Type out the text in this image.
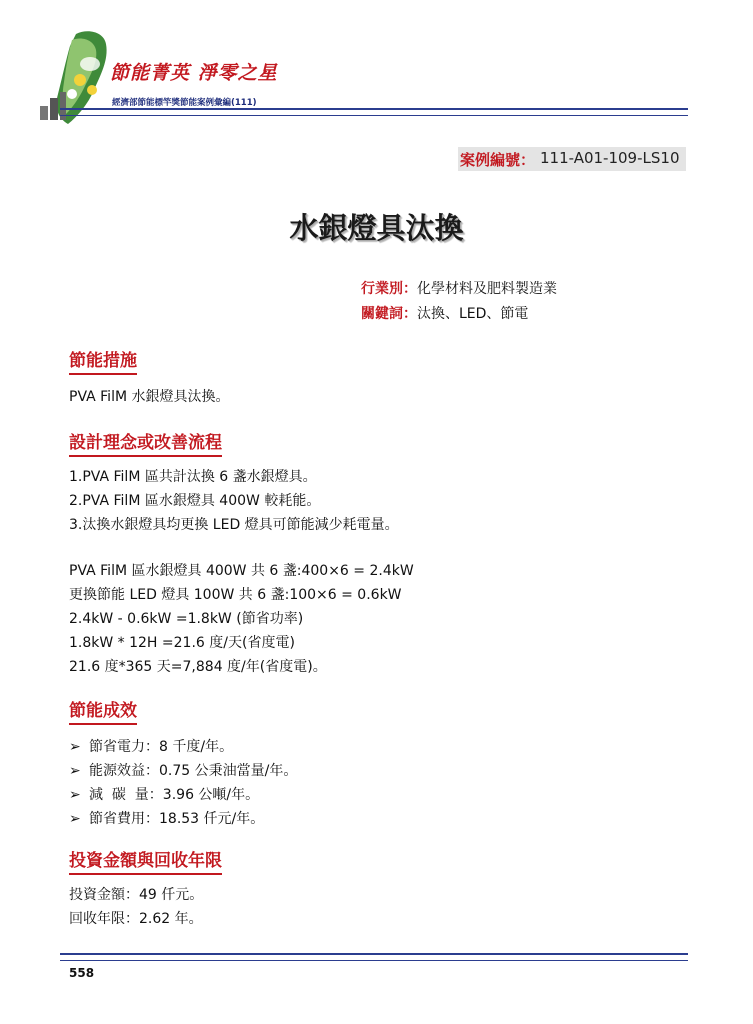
節能菁英 淨零之星
經濟部節能標竿獎節能案例彙編(111)
案例編號： 111-A01-109-LS10
水銀燈具汰換
行業別：化學材料及肥料製造業
關鍵詞：汰換、LED、節電
節能措施
PVA FilM 水銀燈具汰換。
設計理念或改善流程
1.PVA FilM 區共計汰換 6 盞水銀燈具。
2.PVA FilM 區水銀燈具 400W 較耗能。
3.汰換水銀燈具均更換 LED 燈具可節能減少耗電量。
PVA FilM 區水銀燈具 400W 共 6 盞:400×6 = 2.4kW
更換節能 LED 燈具 100W 共 6 盞:100×6 = 0.6kW
2.4kW - 0.6kW =1.8kW (節省功率)
1.8kW * 12H =21.6 度/天(省度電)
21.6 度*365 天=7,884 度/年(省度電)。
節能成效
➢ 節省電力：8 千度/年。
➢ 能源效益：0.75 公秉油當量/年。
➢ 減  碳  量：3.96 公噸/年。
➢ 節省費用：18.53 仟元/年。
投資金額與回收年限
投資金額：49 仟元。
回收年限：2.62 年。
558
